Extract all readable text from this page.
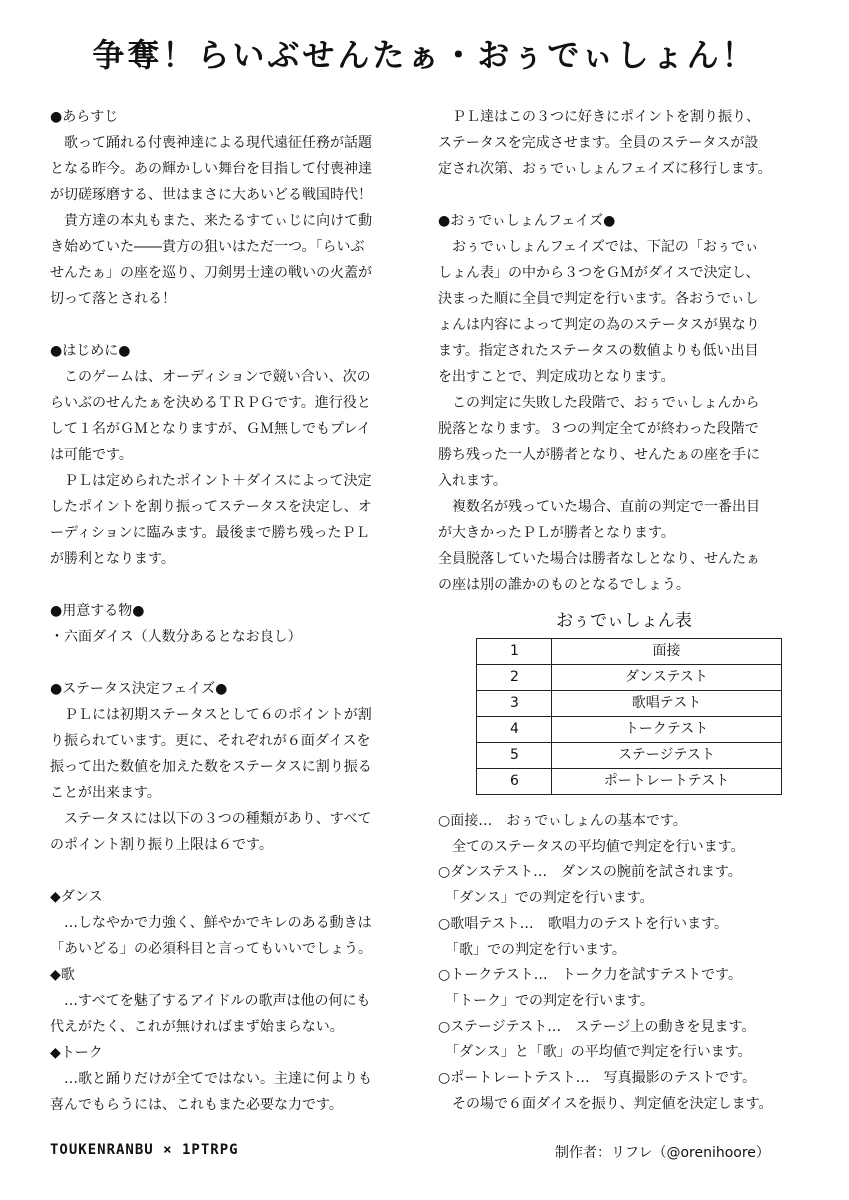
争奪！らいぶせんたぁ・おぅでぃしょん！

●あらすじ

　歌って踊れる付喪神達による現代遠征任務が話題
となる昨今。あの輝かしい舞台を目指して付喪神達
が切磋琢磨する、世はまさに大あいどる戦国時代！
　貴方達の本丸もまた、来たるすてぃじに向けて動
き始めていた――貴方の狙いはただ一つ。「らいぶ
せんたぁ」の座を巡り、刀剣男士達の戦いの火蓋が
切って落とされる！

●はじめに●

　このゲームは、オーディションで競い合い、次の
らいぶのせんたぁを決めるＴＲＰＧです。進行役と
して１名がＧＭとなりますが、ＧＭ無しでもプレイ
は可能です。
　ＰＬは定められたポイント＋ダイスによって決定
したポイントを割り振ってステータスを決定し、オ
ーディションに臨みます。最後まで勝ち残ったＰＬ
が勝利となります。

●用意する物●

・六面ダイス（人数分あるとなお良し）

●ステータス決定フェイズ●

　ＰＬには初期ステータスとして６のポイントが割
り振られています。更に、それぞれが６面ダイスを
振って出た数値を加えた数をステータスに割り振る
ことが出来ます。
　ステータスには以下の３つの種類があり、すべて
のポイント割り振り上限は６です。

◆ダンス

　…しなやかで力強く、鮮やかでキレのある動きは
「あいどる」の必須科目と言ってもいいでしょう。

◆歌

　…すべてを魅了するアイドルの歌声は他の何にも
代えがたく、これが無ければまず始まらない。

◆トーク

　…歌と踊りだけが全てではない。主達に何よりも
喜んでもらうには、これもまた必要な力です。

　ＰＬ達はこの３つに好きにポイントを割り振り、
ステータスを完成させます。全員のステータスが設
定され次第、おぅでぃしょんフェイズに移行します。

●おぅでぃしょんフェイズ●

　おぅでぃしょんフェイズでは、下記の「おぅでぃ
しょん表」の中から３つをＧＭがダイスで決定し、
決まった順に全員で判定を行います。各おうでぃし
ょんは内容によって判定の為のステータスが異なり
ます。指定されたステータスの数値よりも低い出目
を出すことで、判定成功となります。
　この判定に失敗した段階で、おぅでぃしょんから
脱落となります。３つの判定全てが終わった段階で
勝ち残った一人が勝者となり、せんたぁの座を手に
入れます。
　複数名が残っていた場合、直前の判定で一番出目
が大きかったＰＬが勝者となります。
全員脱落していた場合は勝者なしとなり、せんたぁ
の座は別の誰かのものとなるでしょう。

おぅでぃしょん表
1	面接
2	ダンステスト
3	歌唱テスト
4	トークテスト
5	ステージテスト
6	ポートレートテスト

○面接…　おぅでぃしょんの基本です。
　全てのステータスの平均値で判定を行います。

○ダンステスト…　ダンスの腕前を試されます。
　「ダンス」での判定を行います。

○歌唱テスト…　歌唱力のテストを行います。
　「歌」での判定を行います。

○トークテスト…　トーク力を試すテストです。
　「トーク」での判定を行います。

○ステージテスト…　ステージ上の動きを見ます。
　「ダンス」と「歌」の平均値で判定を行います。

○ポートレートテスト…　写真撮影のテストです。
　その場で６面ダイスを振り、判定値を決定します。

TOUKENRANBU × 1PTRPG	制作者：リフレ（@orenihoore）
